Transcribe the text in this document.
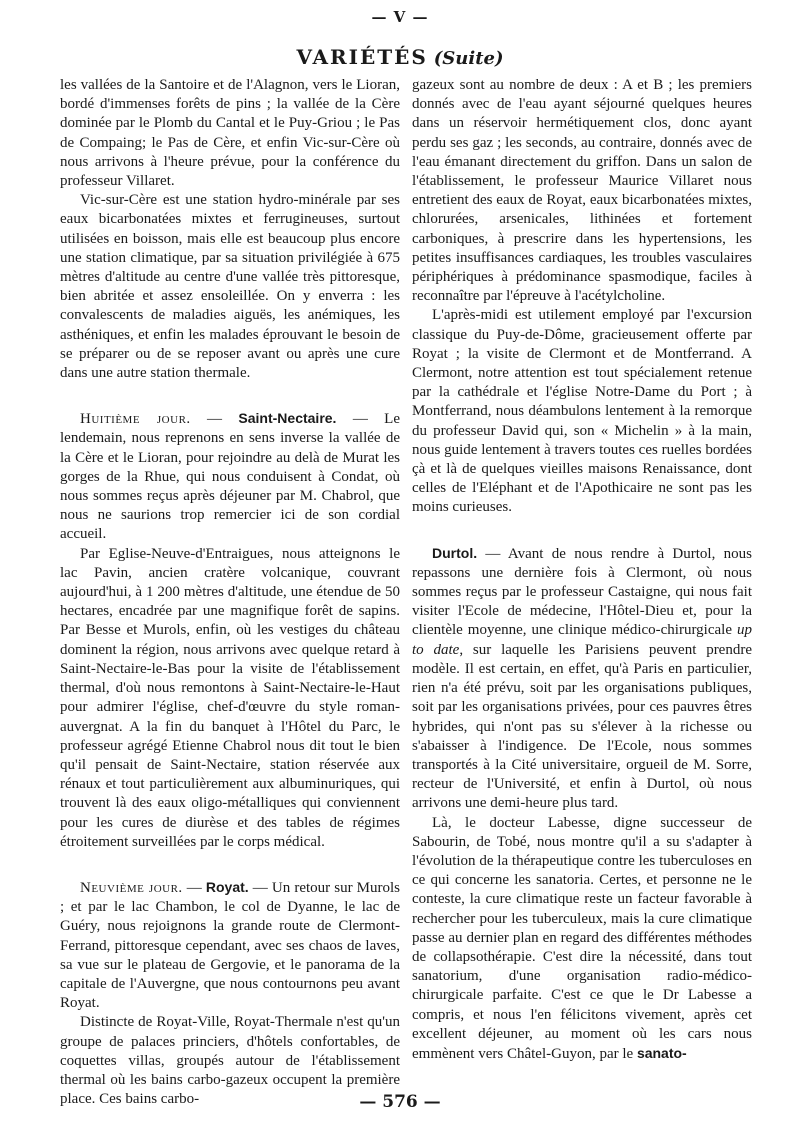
— V —
VARIÉTÉS (Suite)

les vallées de la Santoire et de l'Alagnon, vers le Lioran, bordé d'immenses forêts de pins ; la vallée de la Cère dominée par le Plomb du Cantal et le Puy-Griou ; le Pas de Compaing; le Pas de Cère, et enfin Vic-sur-Cère où nous arrivons à l'heure prévue, pour la conférence du professeur Villaret.

Vic-sur-Cère est une station hydro-minérale par ses eaux bicarbonatées mixtes et ferrugineuses, surtout utilisées en boisson, mais elle est beaucoup plus encore une station climatique, par sa situation privilégiée à 675 mètres d'altitude au centre d'une vallée très pittoresque, bien abritée et assez ensoleillée. On y enverra : les convalescents de maladies aiguës, les anémiques, les asthéniques, et enfin les malades éprouvant le besoin de se préparer ou de se reposer avant ou après une cure dans une autre station thermale.

Huitième jour. — Saint-Nectaire. — Le lendemain, nous reprenons en sens inverse la vallée de la Cère et le Lioran, pour rejoindre au delà de Murat les gorges de la Rhue, qui nous conduisent à Condat, où nous sommes reçus après déjeuner par M. Chabrol, que nous ne saurions trop remercier ici de son cordial accueil.

Par Eglise-Neuve-d'Entraigues, nous atteignons le lac Pavin, ancien cratère volcanique, couvrant aujourd'hui, à 1 200 mètres d'altitude, une étendue de 50 hectares, encadrée par une magnifique forêt de sapins. Par Besse et Murols, enfin, où les vestiges du château dominent la région, nous arrivons avec quelque retard à Saint-Nectaire-le-Bas pour la visite de l'établissement thermal, d'où nous remontons à Saint-Nectaire-le-Haut pour admirer l'église, chef-d'œuvre du style roman-auvergnat. A la fin du banquet à l'Hôtel du Parc, le professeur agrégé Etienne Chabrol nous dit tout le bien qu'il pensait de Saint-Nectaire, station réservée aux rénaux et tout particulièrement aux albuminuriques, qui trouvent là des eaux oligo-métalliques qui conviennent pour les cures de diurèse et des tables de régimes étroitement surveillées par le corps médical.

Neuvième jour. — Royat. — Un retour sur Murols ; et par le lac Chambon, le col de Dyanne, le lac de Guéry, nous rejoignons la grande route de Clermont-Ferrand, pittoresque cependant, avec ses chaos de laves, sa vue sur le plateau de Gergovie, et le panorama de la capitale de l'Auvergne, que nous contournons peu avant Royat.

Distincte de Royat-Ville, Royat-Thermale n'est qu'un groupe de palaces princiers, d'hôtels confortables, de coquettes villas, groupés autour de l'établissement thermal où les bains carbo-gazeux occupent la première place. Ces bains carbo-

gazeux sont au nombre de deux : A et B ; les premiers donnés avec de l'eau ayant séjourné quelques heures dans un réservoir hermétiquement clos, donc ayant perdu ses gaz ; les seconds, au contraire, donnés avec de l'eau émanant directement du griffon. Dans un salon de l'établissement, le professeur Maurice Villaret nous entretient des eaux de Royat, eaux bicarbonatées mixtes, chlorurées, arsenicales, lithinées et fortement carboniques, à prescrire dans les hypertensions, les petites insuffisances cardiaques, les troubles vasculaires périphériques à prédominance spasmodique, faciles à reconnaître par l'épreuve à l'acétylcholine.

L'après-midi est utilement employé par l'excursion classique du Puy-de-Dôme, gracieusement offerte par Royat ; la visite de Clermont et de Montferrand. A Clermont, notre attention est tout spécialement retenue par la cathédrale et l'église Notre-Dame du Port ; à Montferrand, nous déambulons lentement à la remorque du professeur David qui, son « Michelin » à la main, nous guide lentement à travers toutes ces ruelles bordées çà et là de quelques vieilles maisons Renaissance, dont celles de l'Eléphant et de l'Apothicaire ne sont pas les moins curieuses.

Durtol. — Avant de nous rendre à Durtol, nous repassons une dernière fois à Clermont, où nous sommes reçus par le professeur Castaigne, qui nous fait visiter l'Ecole de médecine, l'Hôtel-Dieu et, pour la clientèle moyenne, une clinique médico-chirurgicale up to date, sur laquelle les Parisiens peuvent prendre modèle. Il est certain, en effet, qu'à Paris en particulier, rien n'a été prévu, soit par les organisations publiques, soit par les organisations privées, pour ces pauvres êtres hybrides, qui n'ont pas su s'élever à la richesse ou s'abaisser à l'indigence. De l'Ecole, nous sommes transportés à la Cité universitaire, orgueil de M. Sorre, recteur de l'Université, et enfin à Durtol, où nous arrivons une demi-heure plus tard.

Là, le docteur Labesse, digne successeur de Sabourin, de Tobé, nous montre qu'il a su s'adapter à l'évolution de la thérapeutique contre les tuberculoses en ce qui concerne les sanatoria. Certes, et personne ne le conteste, la cure climatique reste un facteur favorable à rechercher pour les tuberculeux, mais la cure climatique passe au dernier plan en regard des différentes méthodes de collapsothérapie. C'est dire la nécessité, dans tout sanatorium, d'une organisation radio-médico-chirurgicale parfaite. C'est ce que le Dr Labesse a compris, et nous l'en félicitons vivement, après cet excellent déjeuner, au moment où les cars nous emmènent vers Châtel-Guyon, par le sanato-

— 576 —
